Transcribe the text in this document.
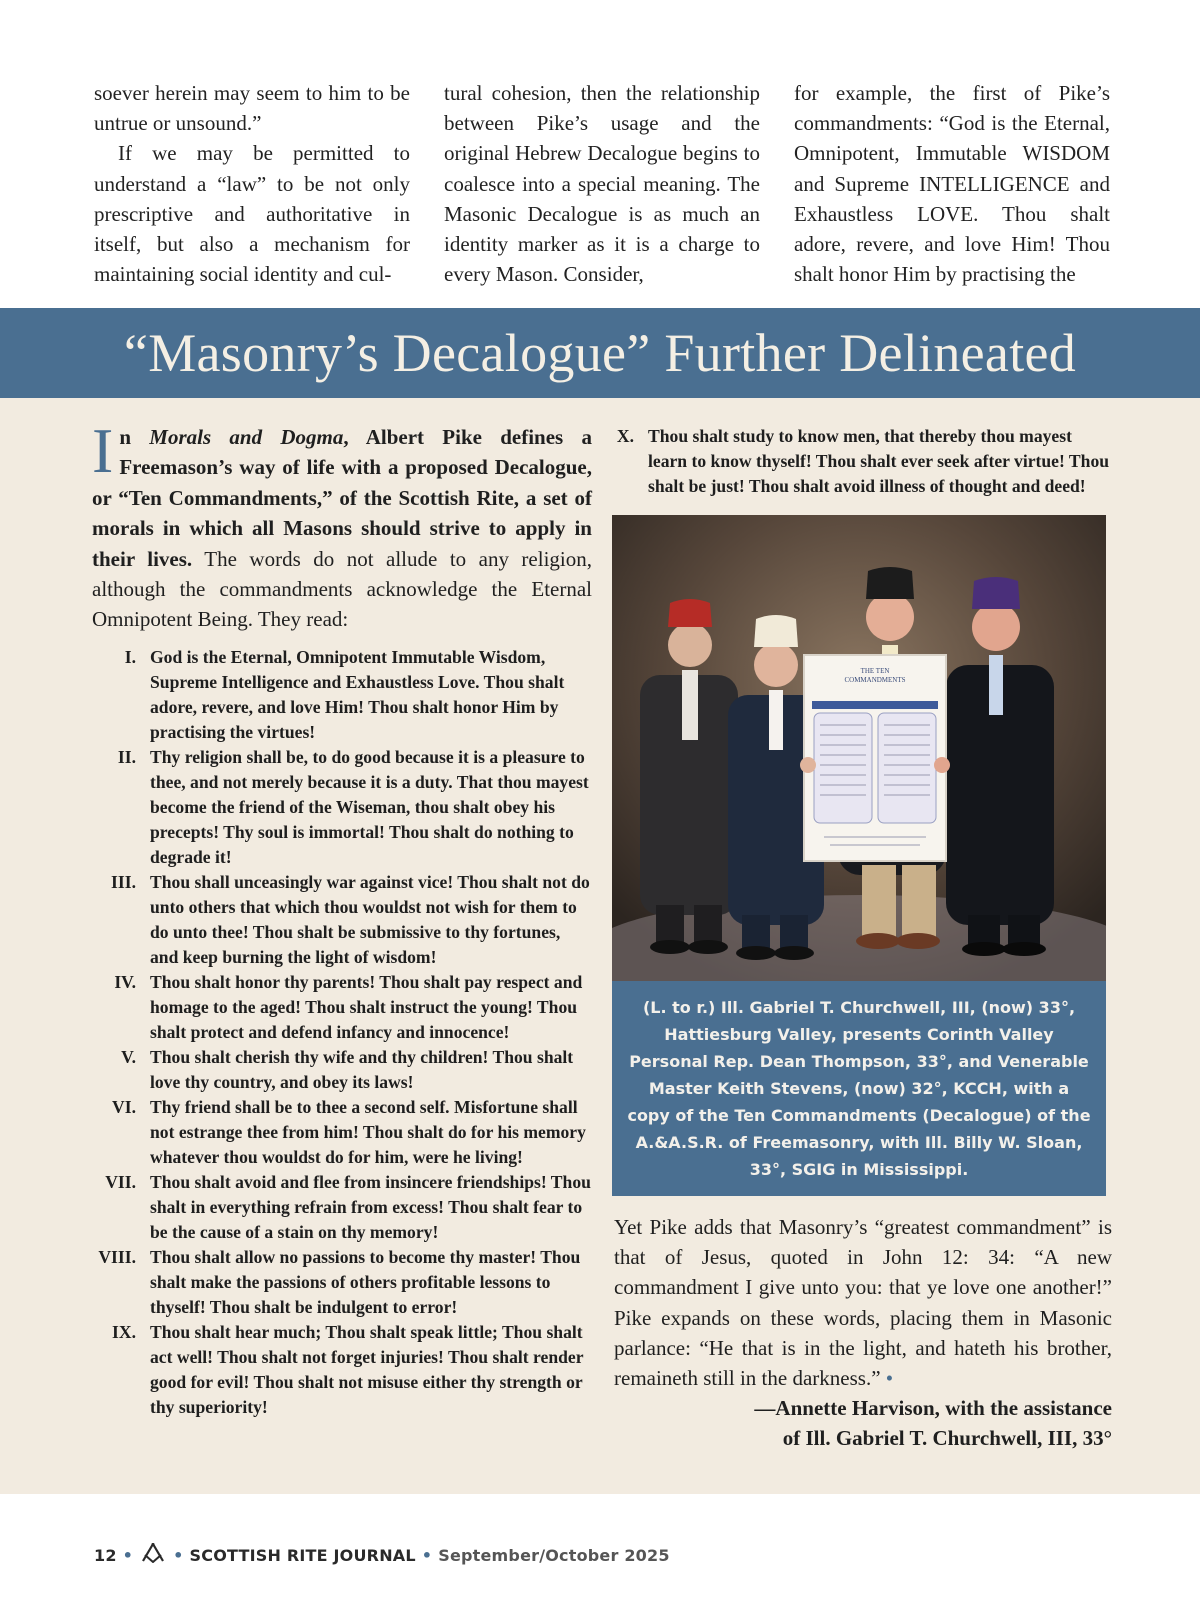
soever herein may seem to him to be untrue or unsound.”

If we may be permitted to understand a “law” to be not only prescriptive and authoritative in itself, but also a mechanism for maintaining social identity and cul-

tural cohesion, then the relationship between Pike’s usage and the original Hebrew Decalogue begins to coalesce into a special meaning. The Masonic Decalogue is as much an identity marker as it is a charge to every Mason. Consider,

for example, the first of Pike’s commandments: “God is the Eternal, Omnipotent, Immutable WISDOM and Supreme INTELLIGENCE and Exhaustless LOVE. Thou shalt adore, revere, and love Him! Thou shalt honor Him by practising the

“Masonry’s Decalogue” Further Delineated

In Morals and Dogma, Albert Pike defines a Freemason’s way of life with a proposed Decalogue, or “Ten Commandments,” of the Scottish Rite, a set of morals in which all Masons should strive to apply in their lives. The words do not allude to any religion, although the commandments acknowledge the Eternal Omnipotent Being. They read:

I. God is the Eternal, Omnipotent Immutable Wisdom, Supreme Intelligence and Exhaustless Love. Thou shalt adore, revere, and love Him! Thou shalt honor Him by practising the virtues!
II. Thy religion shall be, to do good because it is a pleasure to thee, and not merely because it is a duty. That thou mayest become the friend of the Wiseman, thou shalt obey his precepts! Thy soul is immortal! Thou shalt do nothing to degrade it!
III. Thou shall unceasingly war against vice! Thou shalt not do unto others that which thou wouldst not wish for them to do unto thee! Thou shalt be submissive to thy fortunes, and keep burning the light of wisdom!
IV. Thou shalt honor thy parents! Thou shalt pay respect and homage to the aged! Thou shalt instruct the young! Thou shalt protect and defend infancy and innocence!
V. Thou shalt cherish thy wife and thy children! Thou shalt love thy country, and obey its laws!
VI. Thy friend shall be to thee a second self. Misfortune shall not estrange thee from him! Thou shalt do for his memory whatever thou wouldst do for him, were he living!
VII. Thou shalt avoid and flee from insincere friendships! Thou shalt in everything refrain from excess! Thou shalt fear to be the cause of a stain on thy memory!
VIII. Thou shalt allow no passions to become thy master! Thou shalt make the passions of others profitable lessons to thyself! Thou shalt be indulgent to error!
IX. Thou shalt hear much; Thou shalt speak little; Thou shalt act well! Thou shalt not forget injuries! Thou shalt render good for evil! Thou shalt not misuse either thy strength or thy superiority!
X. Thou shalt study to know men, that thereby thou mayest learn to know thyself! Thou shalt ever seek after virtue! Thou shalt be just! Thou shalt avoid illness of thought and deed!
THE TEN
COMMANDMENTS
(L. to r.) Ill. Gabriel T. Churchwell, III, (now) 33°, Hattiesburg Valley, presents Corinth Valley Personal Rep. Dean Thompson, 33°, and Venerable Master Keith Stevens, (now) 32°, KCCH, with a copy of the Ten Commandments (Decalogue) of the A.&A.S.R. of Freemasonry, with Ill. Billy W. Sloan, 33°, SGIG in Mississippi.

Yet Pike adds that Masonry’s “greatest commandment” is that of Jesus, quoted in John 12: 34: “A new commandment I give unto you: that ye love one another!” Pike expands on these words, placing them in Masonic parlance: “He that is in the light, and hateth his brother, remaineth still in the darkness.” •

—Annette Harvison, with the assistance
of Ill. Gabriel T. Churchwell, III, 33°
12 •	• SCOTTISH RITE JOURNAL • September/October 2025
